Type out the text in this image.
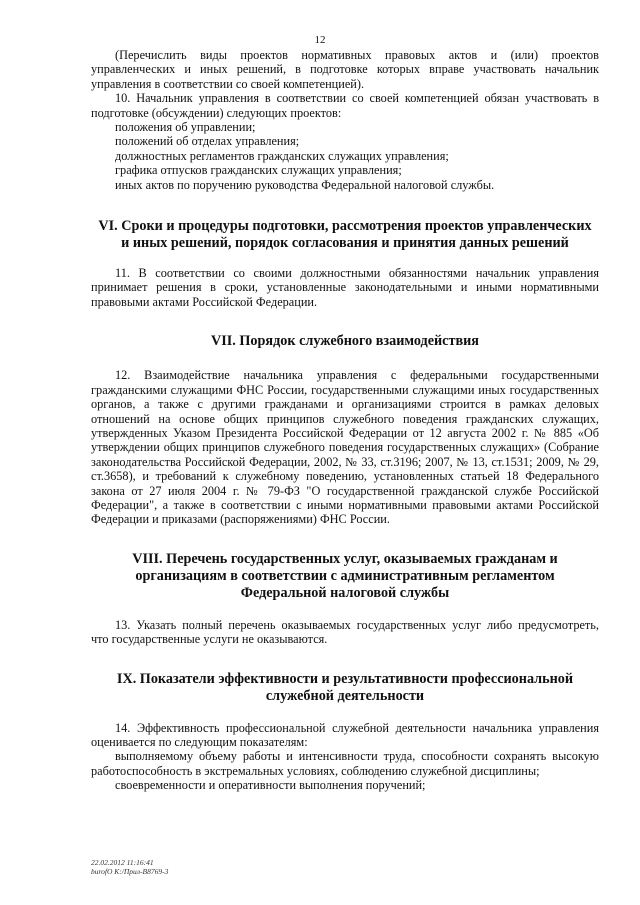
12

(Перечислить виды проектов нормативных правовых актов и (или) проектов

управленческих и иных решений, в подготовке которых вправе участвовать начальник

управления в соответствии со своей компетенцией).

10. Начальник управления в соответствии со своей компетенцией обязан участвовать в

подготовке (обсуждении) следующих проектов:

положения об управлении;

положений об отделах управления;

должностных регламентов гражданских служащих управления;

графика отпусков гражданских служащих управления;

иных актов по поручению руководства Федеральной налоговой службы.

VI. Сроки и процедуры подготовки, рассмотрения проектов управленческих

и иных решений, порядок согласования и принятия данных решений

11. В соответствии со своими должностными обязанностями начальник управления

принимает решения в сроки, установленные законодательными и иными нормативными

правовыми актами Российской Федерации.

VII. Порядок служебного взаимодействия

12. Взаимодействие начальника управления с федеральными государственными

гражданскими служащими ФНС России, государственными служащими иных государственных

органов, а также с другими гражданами и организациями строится в рамках деловых

отношений на основе общих принципов служебного поведения гражданских служащих,

утвержденных Указом Президента Российской Федерации от 12 августа 2002 г. № 885 «Об

утверждении общих принципов служебного поведения государственных служащих» (Собрание

законодательства Российской Федерации, 2002, № 33, ст.3196; 2007, № 13, ст.1531; 2009, № 29,

ст.3658), и требований к служебному поведению, установленных статьей 18 Федерального

закона от 27 июля 2004 г. № 79-ФЗ "О государственной гражданской службе Российской

Федерации", а также в соответствии с иными нормативными правовыми актами Российской

Федерации и приказами (распоряжениями) ФНС России.

VIII. Перечень государственных услуг, оказываемых гражданам и

организациям в соответствии с административным регламентом

Федеральной налоговой службы

13. Указать полный перечень оказываемых государственных услуг либо предусмотреть,

что государственные услуги не оказываются.

IX. Показатели эффективности и результативности профессиональной

служебной деятельности

14. Эффективность профессиональной служебной деятельности начальника управления

оценивается по следующим показателям:

выполняемому объему работы и интенсивности труда, способности сохранять высокую

работоспособность в экстремальных условиях, соблюдению служебной дисциплины;

своевременности и оперативности выполнения поручений;

22.02.2012 11:16:41
burofO К:/Прил-В8769-3
